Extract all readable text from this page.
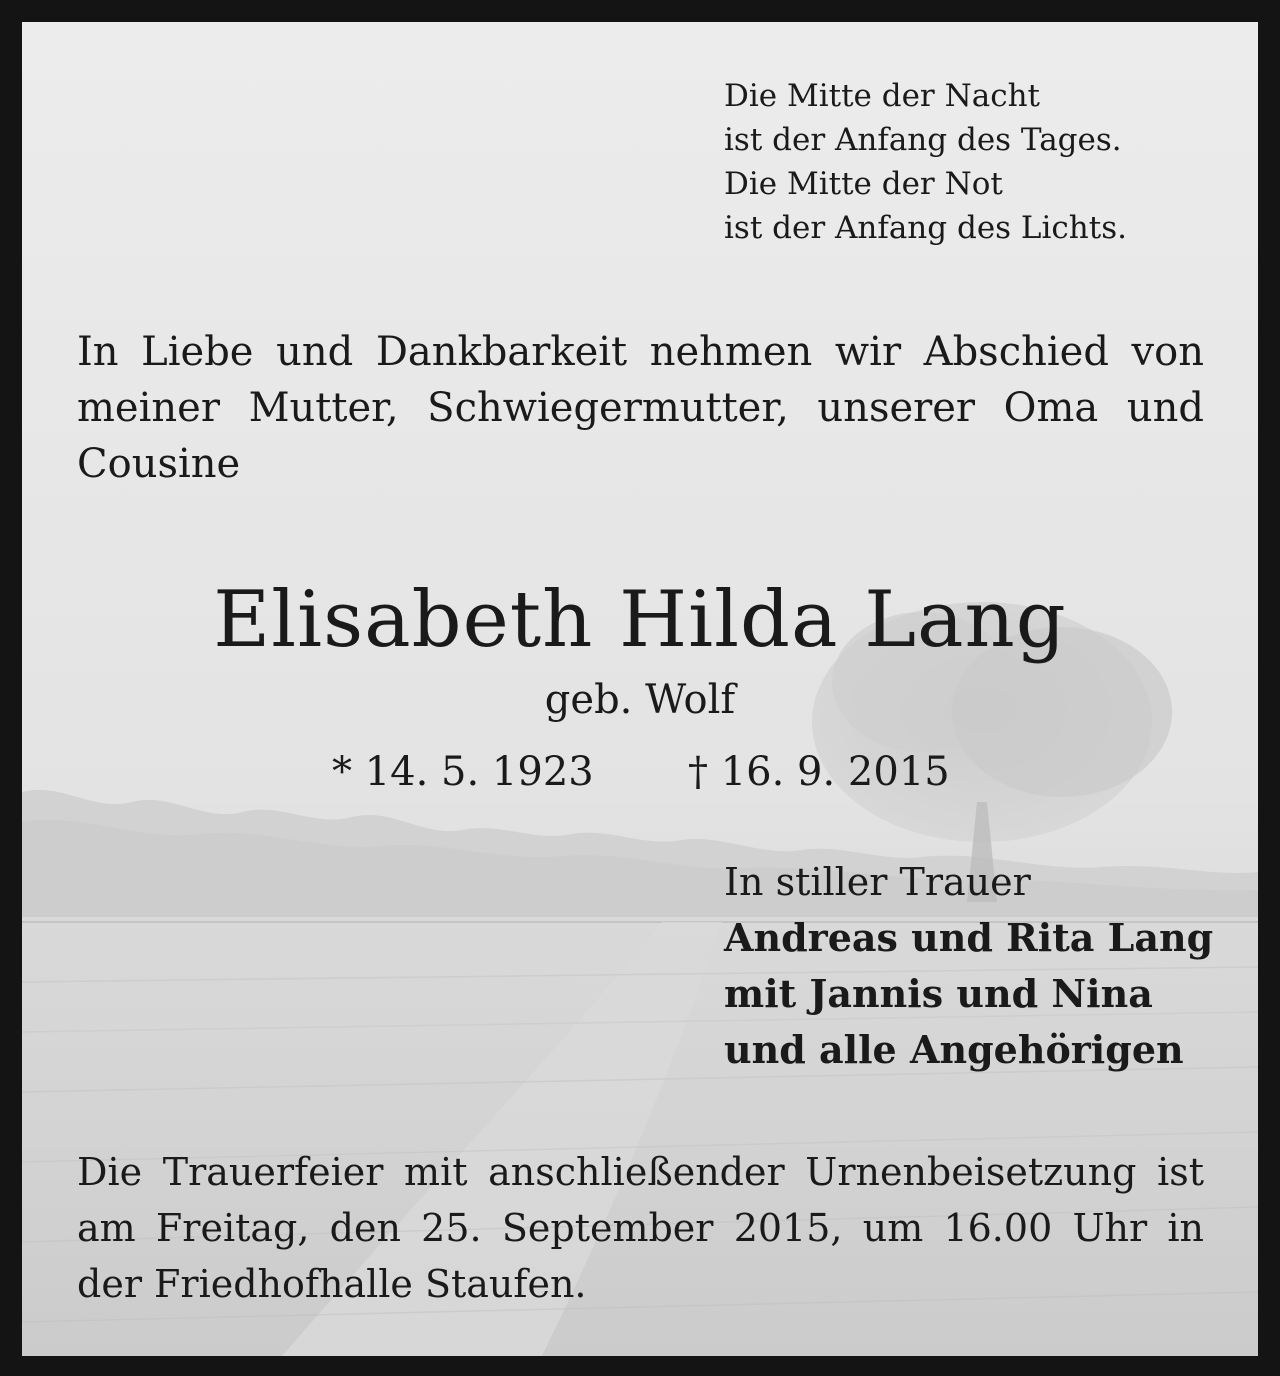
Die Mitte der Nacht
ist der Anfang des Tages.
Die Mitte der Not
ist der Anfang des Lichts.
In Liebe und Dankbarkeit nehmen wir Abschied von meiner Mutter, Schwiegermutter, unserer Oma und Cousine
Elisabeth Hilda Lang
geb. Wolf
* 14. 5. 1923 † 16. 9. 2015
In stiller Trauer
Andreas und Rita Lang
mit Jannis und Nina
und alle Angehörigen
Die Trauerfeier mit anschließender Urnenbeisetzung ist am Freitag, den 25. September 2015, um 16.00 Uhr in der Friedhofhalle Staufen.
